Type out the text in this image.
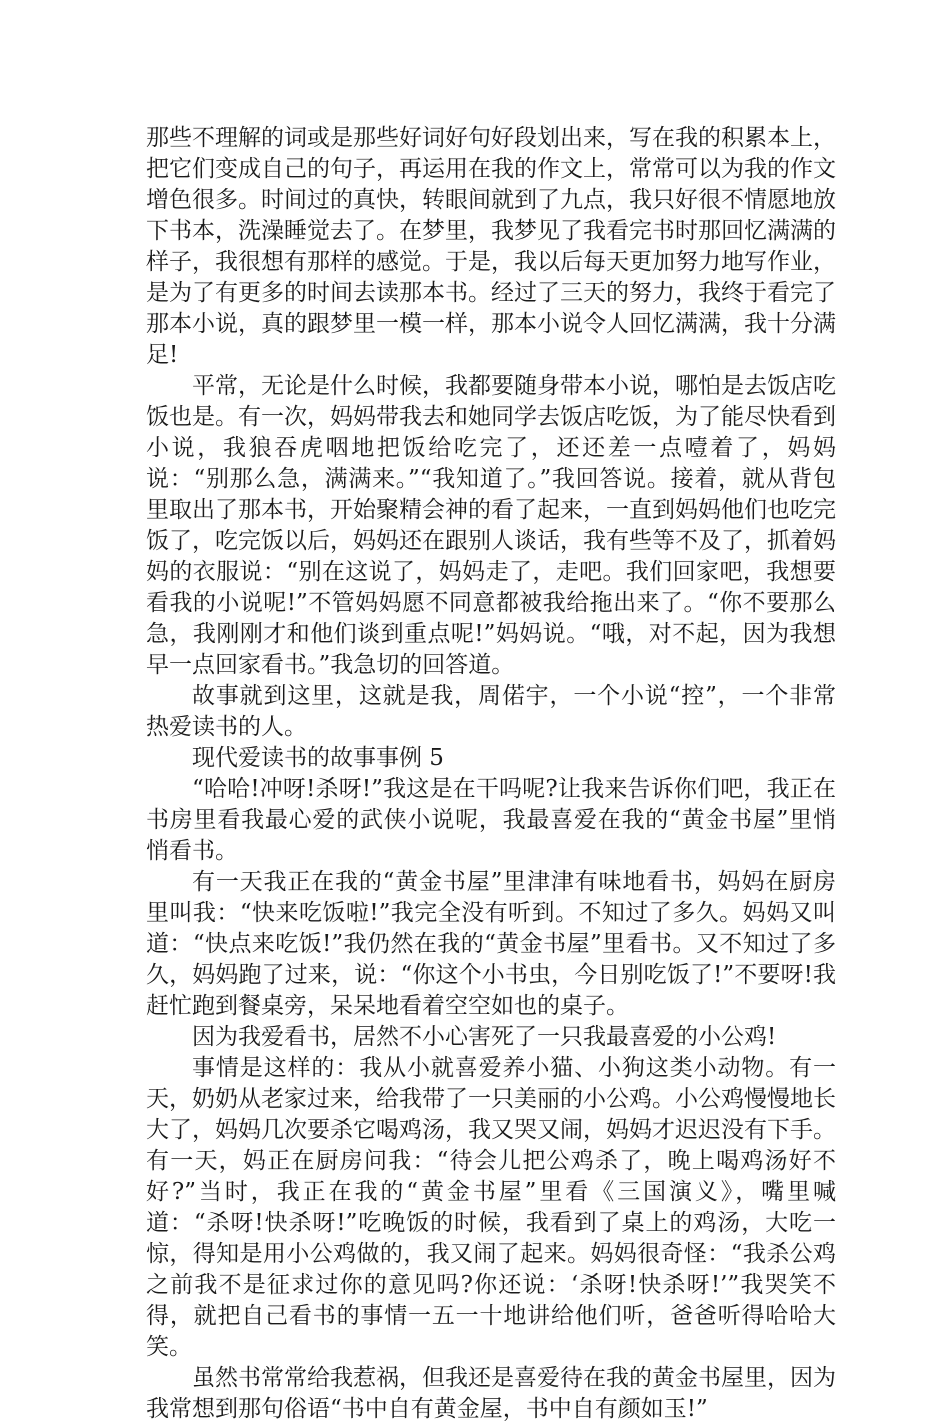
那些不理解的词或是那些好词好句好段划出来，写在我的积累本上，把它们变成自己的句子，再运用在我的作文上，常常可以为我的作文增色很多。时间过的真快，转眼间就到了九点，我只好很不情愿地放下书本，洗澡睡觉去了。在梦里，我梦见了我看完书时那回忆满满的样子，我很想有那样的感觉。于是，我以后每天更加努力地写作业，是为了有更多的时间去读那本书。经过了三天的努力，我终于看完了那本小说，真的跟梦里一模一样，那本小说令人回忆满满，我十分满足!

平常，无论是什么时候，我都要随身带本小说，哪怕是去饭店吃饭也是。有一次，妈妈带我去和她同学去饭店吃饭，为了能尽快看到小说，我狼吞虎咽地把饭给吃完了，还还差一点噎着了，妈妈说：“别那么急，满满来。”“我知道了。”我回答说。接着，就从背包里取出了那本书，开始聚精会神的看了起来，一直到妈妈他们也吃完饭了，吃完饭以后，妈妈还在跟别人谈话，我有些等不及了，抓着妈妈的衣服说：“别在这说了，妈妈走了，走吧。我们回家吧，我想要看我的小说呢!”不管妈妈愿不同意都被我给拖出来了。“你不要那么急，我刚刚才和他们谈到重点呢!”妈妈说。“哦，对不起，因为我想早一点回家看书。”我急切的回答道。

故事就到这里，这就是我，周偌宇，一个小说“控”，一个非常热爱读书的人。

现代爱读书的故事事例 5

“哈哈!冲呀!杀呀!”我这是在干吗呢?让我来告诉你们吧，我正在书房里看我最心爱的武侠小说呢，我最喜爱在我的“黄金书屋”里悄悄看书。

有一天我正在我的“黄金书屋”里津津有味地看书，妈妈在厨房里叫我：“快来吃饭啦!”我完全没有听到。不知过了多久。妈妈又叫道：“快点来吃饭!”我仍然在我的“黄金书屋”里看书。又不知过了多久，妈妈跑了过来，说：“你这个小书虫，今日别吃饭了!”不要呀!我赶忙跑到餐桌旁，呆呆地看着空空如也的桌子。

因为我爱看书，居然不小心害死了一只我最喜爱的小公鸡!

事情是这样的：我从小就喜爱养小猫、小狗这类小动物。有一天，奶奶从老家过来，给我带了一只美丽的小公鸡。小公鸡慢慢地长大了，妈妈几次要杀它喝鸡汤，我又哭又闹，妈妈才迟迟没有下手。有一天，妈正在厨房问我：“待会儿把公鸡杀了，晚上喝鸡汤好不好?”当时，我正在我的“黄金书屋”里看《三国演义》，嘴里喊道：“杀呀!快杀呀!”吃晚饭的时候，我看到了桌上的鸡汤，大吃一惊，得知是用小公鸡做的，我又闹了起来。妈妈很奇怪：“我杀公鸡之前我不是征求过你的意见吗?你还说：‘杀呀!快杀呀!’”我哭笑不得，就把自己看书的事情一五一十地讲给他们听，爸爸听得哈哈大笑。

虽然书常常给我惹祸，但我还是喜爱待在我的黄金书屋里，因为我常想到那句俗语“书中自有黄金屋，书中自有颜如玉!”
